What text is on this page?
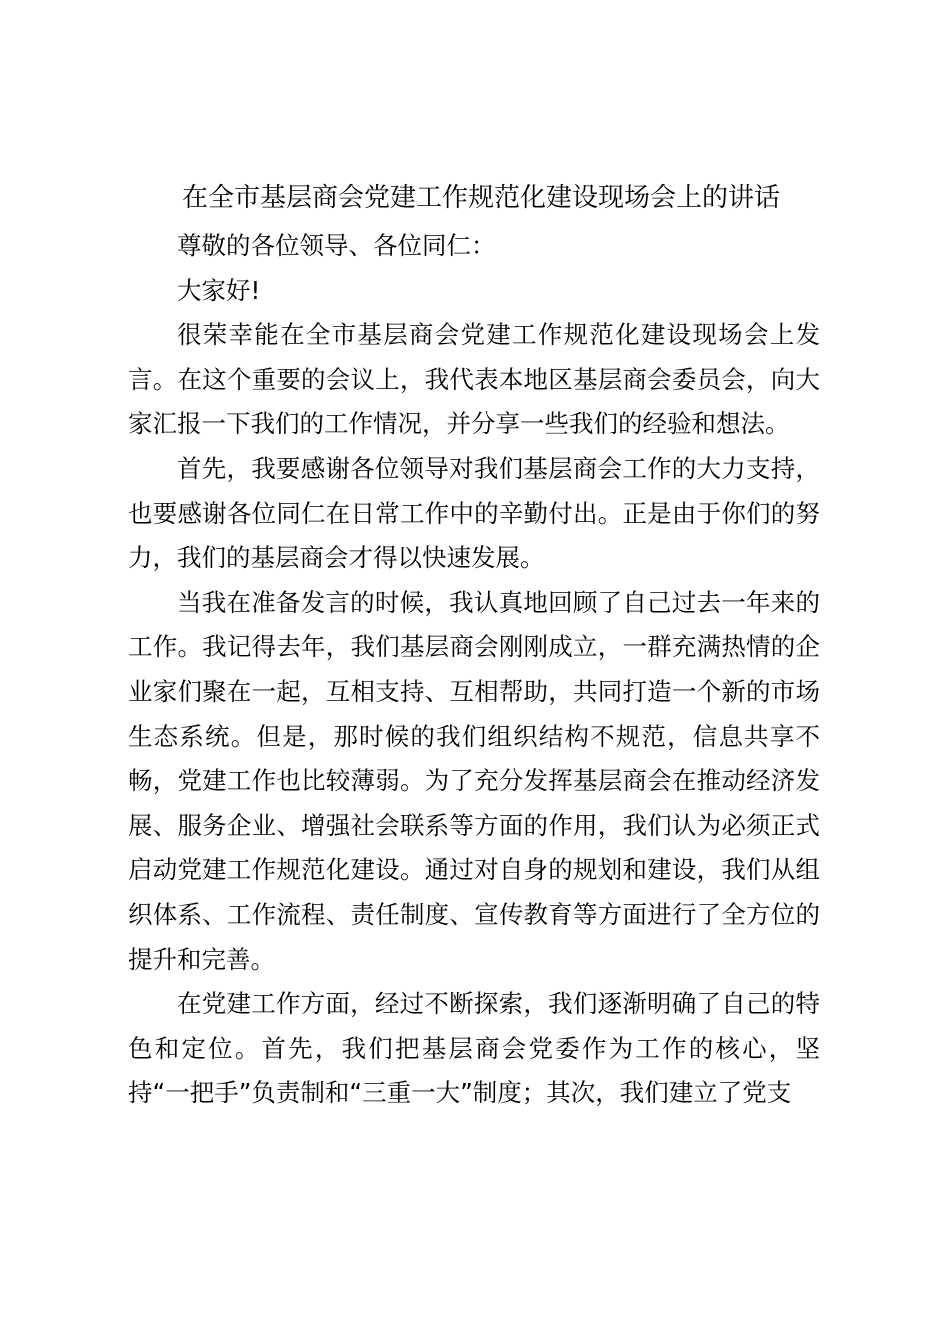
在全市基层商会党建工作规范化建设现场会上的讲话

尊敬的各位领导、各位同仁：

大家好!

很荣幸能在全市基层商会党建工作规范化建设现场会上发言。在这个重要的会议上，我代表本地区基层商会委员会，向大家汇报一下我们的工作情况，并分享一些我们的经验和想法。

首先，我要感谢各位领导对我们基层商会工作的大力支持，也要感谢各位同仁在日常工作中的辛勤付出。正是由于你们的努力，我们的基层商会才得以快速发展。

当我在准备发言的时候，我认真地回顾了自己过去一年来的工作。我记得去年，我们基层商会刚刚成立，一群充满热情的企业家们聚在一起，互相支持、互相帮助，共同打造一个新的市场生态系统。但是，那时候的我们组织结构不规范，信息共享不畅，党建工作也比较薄弱。为了充分发挥基层商会在推动经济发展、服务企业、增强社会联系等方面的作用，我们认为必须正式启动党建工作规范化建设。通过对自身的规划和建设，我们从组织体系、工作流程、责任制度、宣传教育等方面进行了全方位的提升和完善。

在党建工作方面，经过不断探索，我们逐渐明确了自己的特色和定位。首先，我们把基层商会党委作为工作的核心，坚持“一把手”负责制和“三重一大”制度；其次，我们建立了党支
